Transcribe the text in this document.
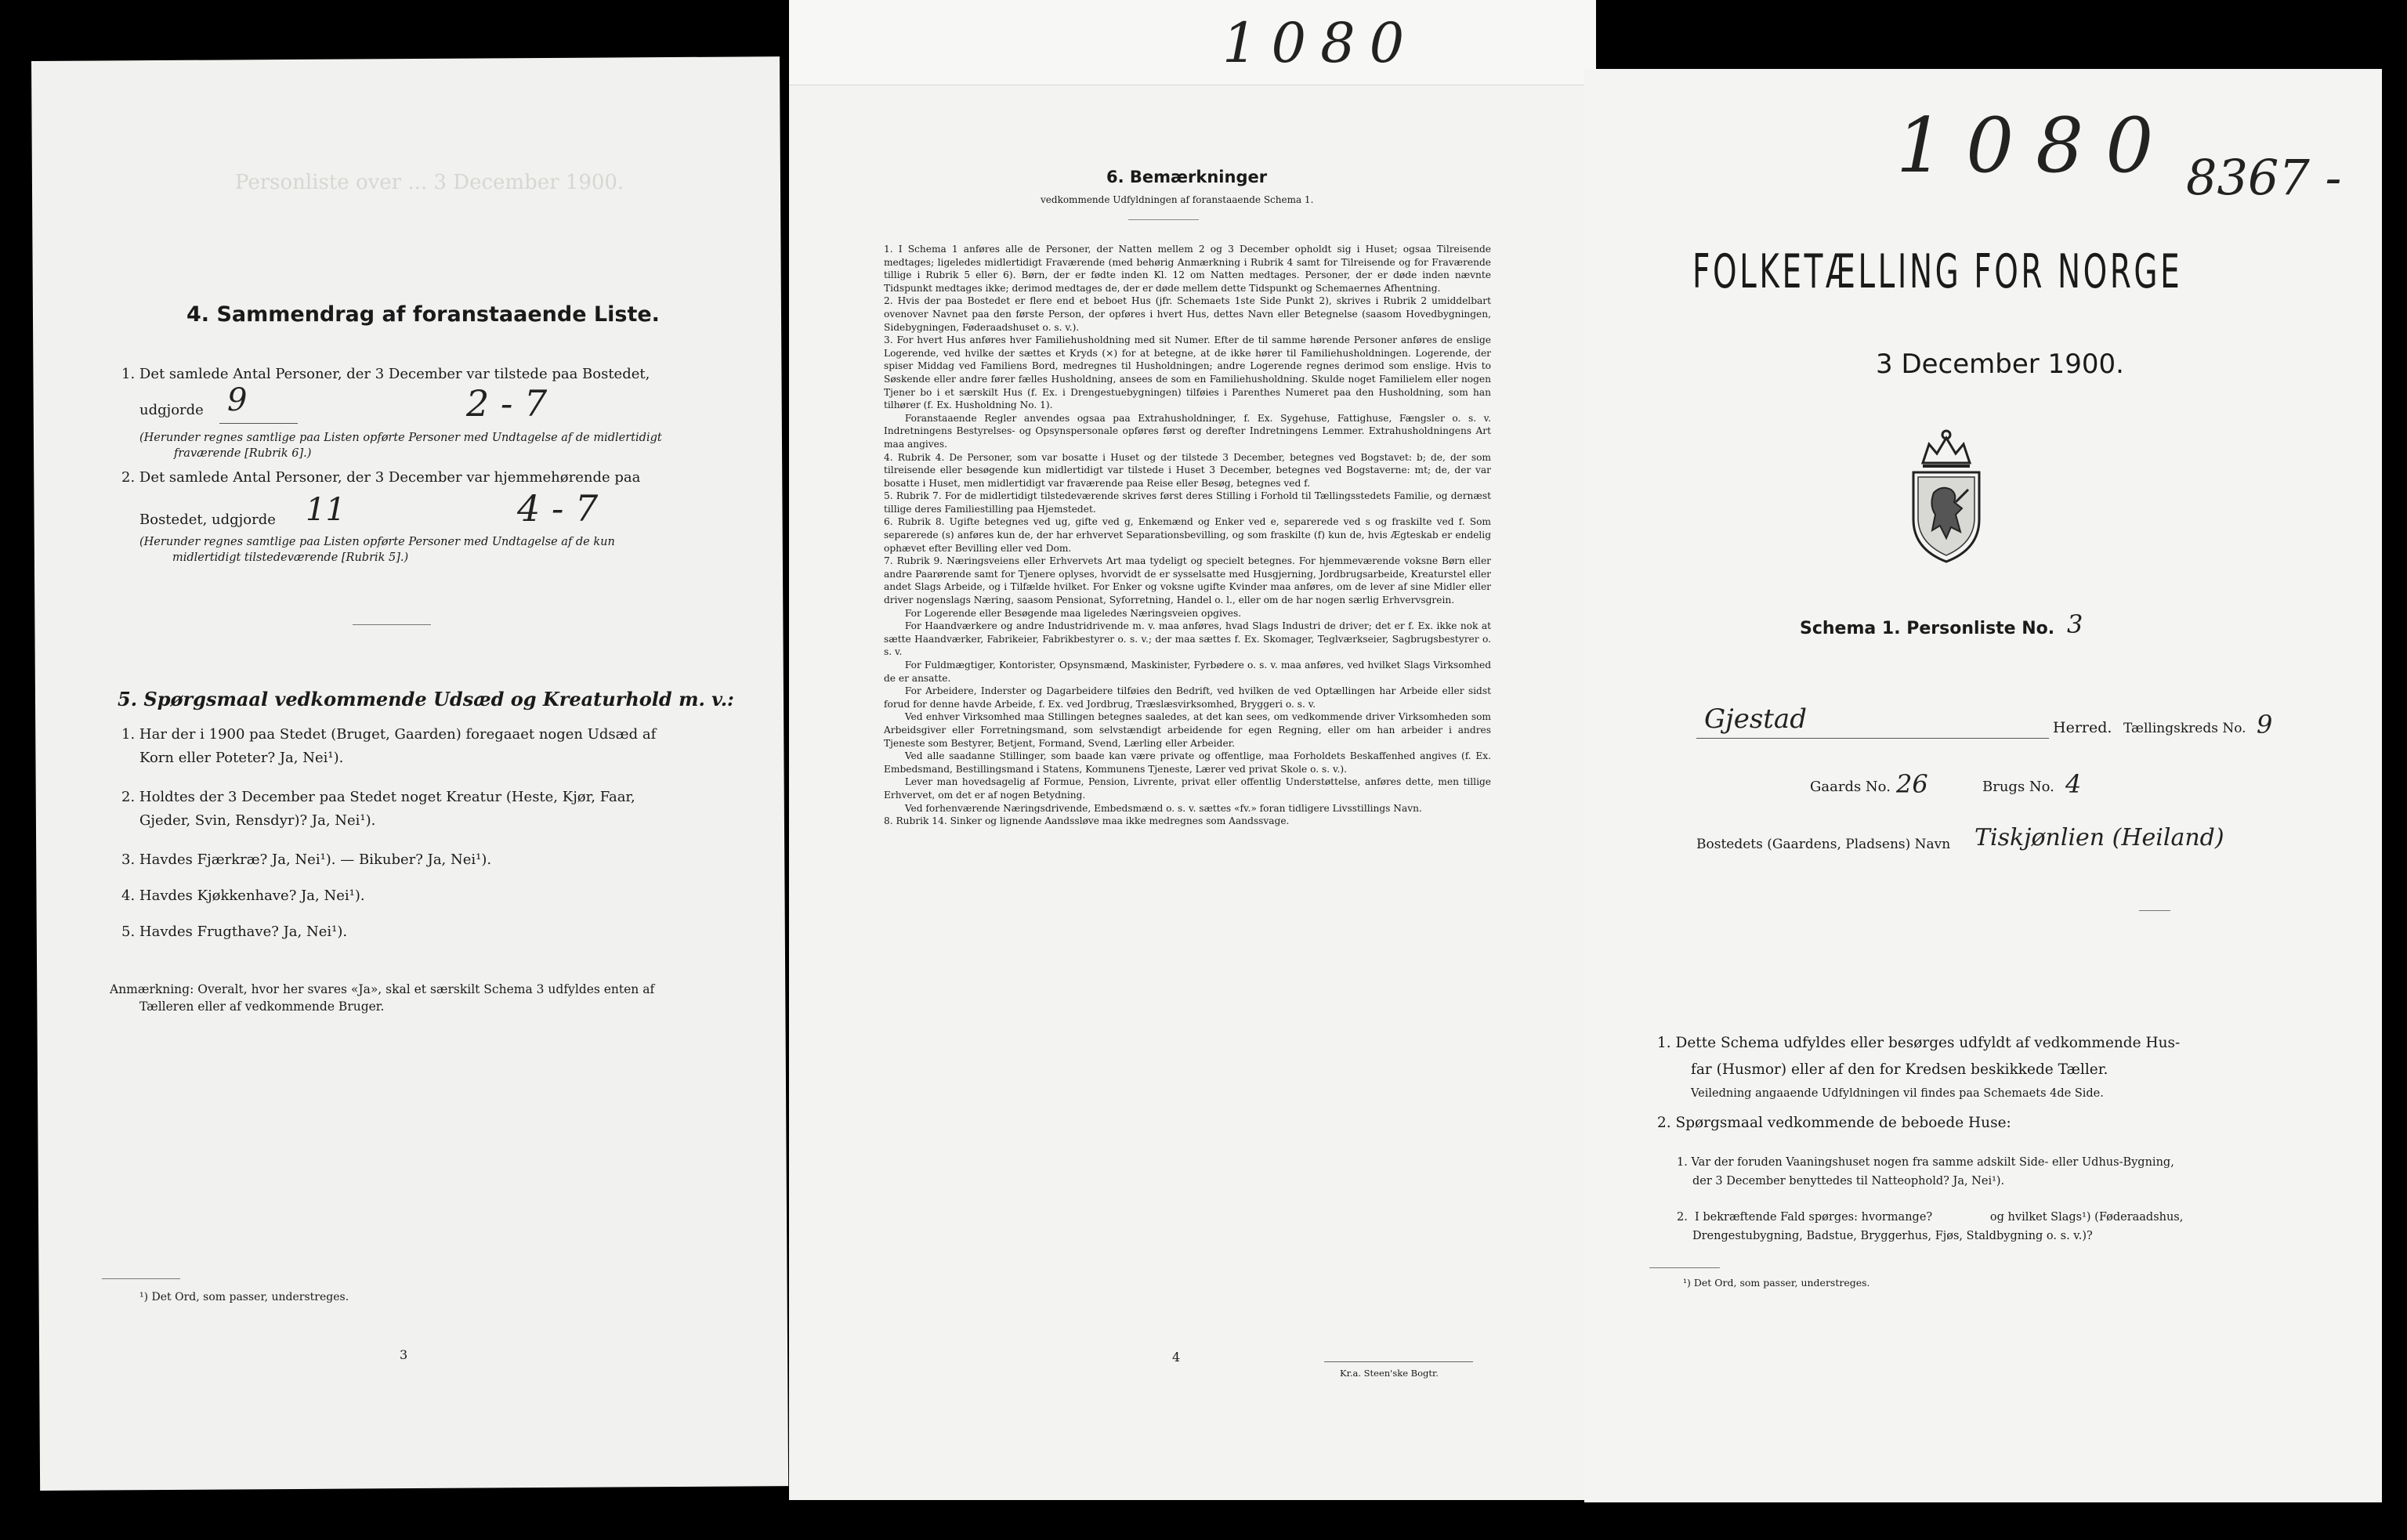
Personliste over ... 3 December 1900.
4. Sammendrag af foranstaaende Liste.
1. Det samlede Antal Personer, der 3 December var tilstede paa Bostedet,
udgjorde 9	2 - 7
(Herunder regnes samtlige paa Listen opførte Personer med Undtagelse af de midlertidigt
fraværende [Rubrik 6].)
2. Det samlede Antal Personer, der 3 December var hjemmehørende paa
Bostedet, udgjorde 11	4 - 7
(Herunder regnes samtlige paa Listen opførte Personer med Undtagelse af de kun
midlertidigt tilstedeværende [Rubrik 5].)
5. Spørgsmaal vedkommende Udsæd og Kreaturhold m. v.:
1. Har der i 1900 paa Stedet (Bruget, Gaarden) foregaaet nogen Udsæd af
Korn eller Poteter? Ja, Nei¹).
2. Holdtes der 3 December paa Stedet noget Kreatur (Heste, Kjør, Faar,
Gjeder, Svin, Rensdyr)? Ja, Nei¹).
3. Havdes Fjærkræ? Ja, Nei¹). — Bikuber? Ja, Nei¹).
4. Havdes Kjøkkenhave? Ja, Nei¹).
5. Havdes Frugthave? Ja, Nei¹).
Anmærkning: Overalt, hvor her svares «Ja», skal et særskilt Schema 3 udfyldes enten af
Tælleren eller af vedkommende Bruger.
¹) Det Ord, som passer, understreges.
3
1080
6. Bemærkninger
vedkommende Udfyldningen af foranstaaende Schema 1.

1. I Schema 1 anføres alle de Personer, der Natten mellem 2 og 3 December opholdt sig i Huset; ogsaa Tilreisende medtages; ligeledes midlertidigt Fraværende (med behørig Anmærkning i Rubrik 4 samt for Tilreisende og for Fraværende tillige i Rubrik 5 eller 6). Børn, der er fødte inden Kl. 12 om Natten medtages. Personer, der er døde inden nævnte Tidspunkt medtages ikke; derimod medtages de, der er døde mellem dette Tidspunkt og Schemaernes Afhentning.

2. Hvis der paa Bostedet er flere end et beboet Hus (jfr. Schemaets 1ste Side Punkt 2), skrives i Rubrik 2 umiddelbart ovenover Navnet paa den første Person, der opføres i hvert Hus, dettes Navn eller Betegnelse (saasom Hovedbygningen, Sidebygningen, Føderaadshuset o. s. v.).

3. For hvert Hus anføres hver Familiehusholdning med sit Numer. Efter de til samme hørende Personer anføres de enslige Logerende, ved hvilke der sættes et Kryds (×) for at betegne, at de ikke hører til Familiehusholdningen. Logerende, der spiser Middag ved Familiens Bord, medregnes til Husholdningen; andre Logerende regnes derimod som enslige. Hvis to Søskende eller andre fører fælles Husholdning, ansees de som en Familiehusholdning. Skulde noget Familielem eller nogen Tjener bo i et særskilt Hus (f. Ex. i Drengestuebygningen) tilføies i Parenthes Numeret paa den Husholdning, som han tilhører (f. Ex. Husholdning No. 1).

Foranstaaende Regler anvendes ogsaa paa Extrahusholdninger, f. Ex. Sygehuse, Fattighuse, Fængsler o. s. v. Indretningens Bestyrelses- og Opsynspersonale opføres først og derefter Indretningens Lemmer. Extrahusholdningens Art maa angives.

4. Rubrik 4. De Personer, som var bosatte i Huset og der tilstede 3 December, betegnes ved Bogstavet: b; de, der som tilreisende eller besøgende kun midlertidigt var tilstede i Huset 3 December, betegnes ved Bogstaverne: mt; de, der var bosatte i Huset, men midlertidigt var fraværende paa Reise eller Besøg, betegnes ved f.

5. Rubrik 7. For de midlertidigt tilstedeværende skrives først deres Stilling i Forhold til Tællingsstedets Familie, og dernæst tillige deres Familiestilling paa Hjemstedet.

6. Rubrik 8. Ugifte betegnes ved ug, gifte ved g, Enkemænd og Enker ved e, separerede ved s og fraskilte ved f. Som separerede (s) anføres kun de, der har erhvervet Separationsbevilling, og som fraskilte (f) kun de, hvis Ægteskab er endelig ophævet efter Bevilling eller ved Dom.

7. Rubrik 9. Næringsveiens eller Erhvervets Art maa tydeligt og specielt betegnes. For hjemmeværende voksne Børn eller andre Paarørende samt for Tjenere oplyses, hvorvidt de er sysselsatte med Husgjerning, Jordbrugsarbeide, Kreaturstel eller andet Slags Arbeide, og i Tilfælde hvilket. For Enker og voksne ugifte Kvinder maa anføres, om de lever af sine Midler eller driver nogenslags Næring, saasom Pensionat, Syforretning, Handel o. l., eller om de har nogen særlig Erhvervsgrein.

For Logerende eller Besøgende maa ligeledes Næringsveien opgives.

For Haandværkere og andre Industridrivende m. v. maa anføres, hvad Slags Industri de driver; det er f. Ex. ikke nok at sætte Haandværker, Fabrikeier, Fabrikbestyrer o. s. v.; der maa sættes f. Ex. Skomager, Teglværkseier, Sagbrugsbestyrer o. s. v.

For Fuldmægtiger, Kontorister, Opsynsmænd, Maskinister, Fyrbødere o. s. v. maa anføres, ved hvilket Slags Virksomhed de er ansatte.

For Arbeidere, Inderster og Dagarbeidere tilføies den Bedrift, ved hvilken de ved Optællingen har Arbeide eller sidst forud for denne havde Arbeide, f. Ex. ved Jordbrug, Træslæsvirksomhed, Bryggeri o. s. v.

Ved enhver Virksomhed maa Stillingen betegnes saaledes, at det kan sees, om vedkommende driver Virksomheden som Arbeidsgiver eller Forretningsmand, som selvstændigt arbeidende for egen Regning, eller om han arbeider i andres Tjeneste som Bestyrer, Betjent, Formand, Svend, Lærling eller Arbeider.

Ved alle saadanne Stillinger, som baade kan være private og offentlige, maa Forholdets Beskaffenhed angives (f. Ex. Embedsmand, Bestillingsmand i Statens, Kommunens Tjeneste, Lærer ved privat Skole o. s. v.).

Lever man hovedsagelig af Formue, Pension, Livrente, privat eller offentlig Understøttelse, anføres dette, men tillige Erhvervet, om det er af nogen Betydning.

Ved forhenværende Næringsdrivende, Embedsmænd o. s. v. sættes «fv.» foran tidligere Livsstillings Navn.

8. Rubrik 14. Sinker og lignende Aandssløve maa ikke medregnes som Aandssvage.

4
Kr.a. Steen'ske Bogtr.
1080 8367 -
FOLKETÆLLING FOR NORGE
3 December 1900.
Schema 1. Personliste No. 3
Gjestad	Herred. Tællingskreds No. 9
Gaards No. 26	Brugs No. 4
Bostedets (Gaardens, Pladsens) Navn Tiskjønlien (Heiland)
1. Dette Schema udfyldes eller besørges udfyldt af vedkommende Hus-
far (Husmor) eller af den for Kredsen beskikkede Tæller.
Veiledning angaaende Udfyldningen vil findes paa Schemaets 4de Side.
2. Spørgsmaal vedkommende de beboede Huse:
1. Var der foruden Vaaningshuset nogen fra samme adskilt Side- eller Udhus-Bygning,
der 3 December benyttedes til Natteophold? Ja, Nei¹).
2.  I bekræftende Fald spørges: hvormange?                og hvilket Slags¹) (Føderaadshus,
Drengestubygning, Badstue, Bryggerhus, Fjøs, Staldbygning o. s. v.)?
¹) Det Ord, som passer, understreges.
